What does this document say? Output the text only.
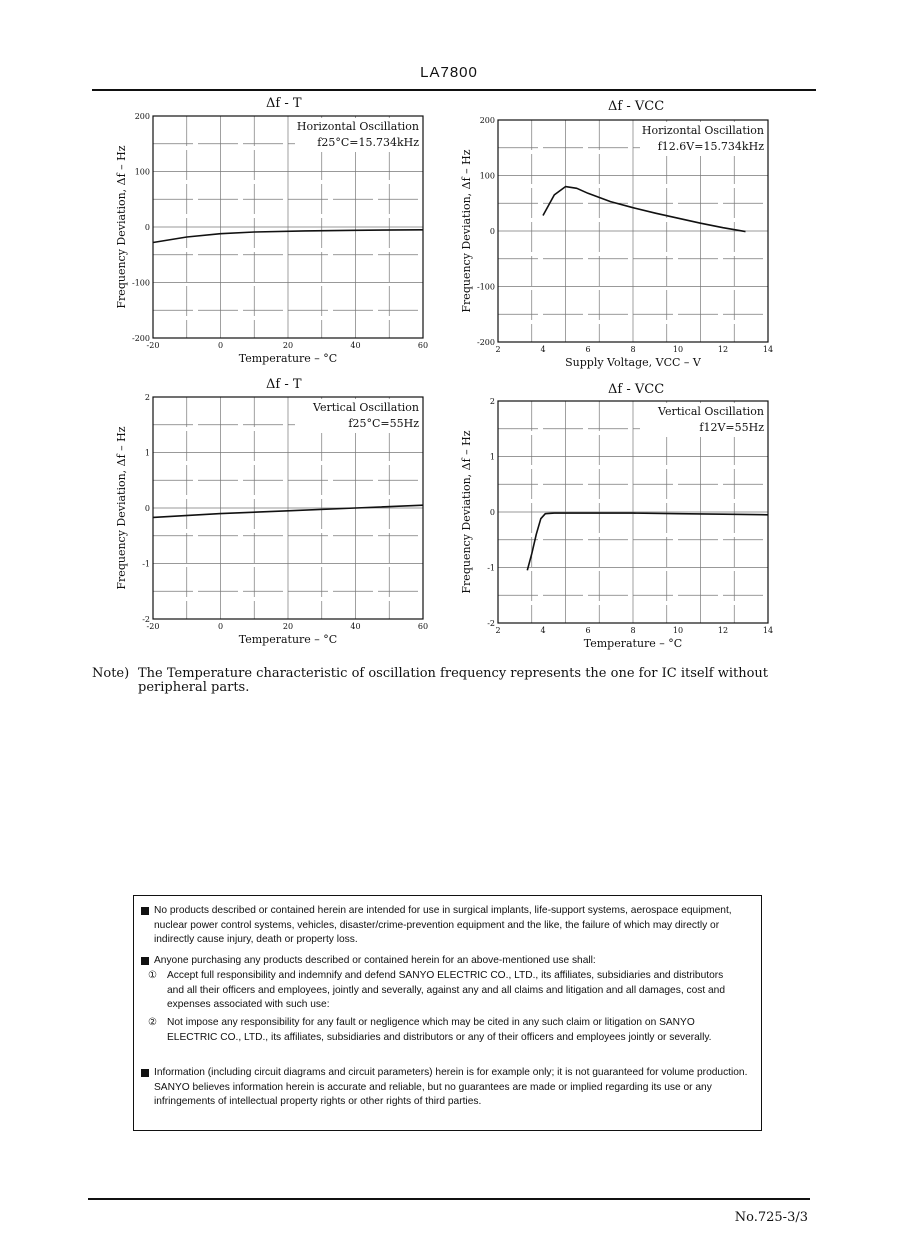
LA7800
Δf - T
-20	0	20	40	60
200
100
0
-100
-200
Temperature – °C
Frequency Deviation, Δf – Hz
Horizontal Oscillation
f25°C=15.734kHz
Δf - VCC
2	4	6	8	10	12	14
200
100
0
-100
-200
Supply Voltage, VCC – V
Frequency Deviation, Δf – Hz
Horizontal Oscillation
f12.6V=15.734kHz
Δf - T
-20	0	20	40	60
2
1
0
-1
-2
Temperature – °C
Frequency Deviation, Δf – Hz
Vertical Oscillation
f25°C=55Hz
Δf - VCC
2	4	6	8	10	12	14
2
1
0
-1
-2
Temperature – °C
Frequency Deviation, Δf – Hz
Vertical Oscillation
f12V=55Hz
Note) The Temperature characteristic of oscillation frequency represents the one for IC itself without peripheral parts.
No products described or contained herein are intended for use in surgical implants, life-support systems, aerospace equipment, nuclear power control systems, vehicles, disaster/crime-prevention equipment and the like, the failure of which may directly or indirectly cause injury, death or property loss.
Anyone purchasing any products described or contained herein for an above-mentioned use shall:
① Accept full responsibility and indemnify and defend SANYO ELECTRIC CO., LTD., its affiliates, subsidiaries and distributors and all their officers and employees, jointly and severally, against any and all claims and litigation and all damages, cost and expenses associated with such use:
② Not impose any responsibility for any fault or negligence which may be cited in any such claim or litigation on SANYO ELECTRIC CO., LTD., its affiliates, subsidiaries and distributors or any of their officers and employees jointly or severally.
Information (including circuit diagrams and circuit parameters) herein is for example only; it is not guaranteed for volume production. SANYO believes information herein is accurate and reliable, but no guarantees are made or implied regarding its use or any infringements of intellectual property rights or other rights of third parties.
No.725-3/3
